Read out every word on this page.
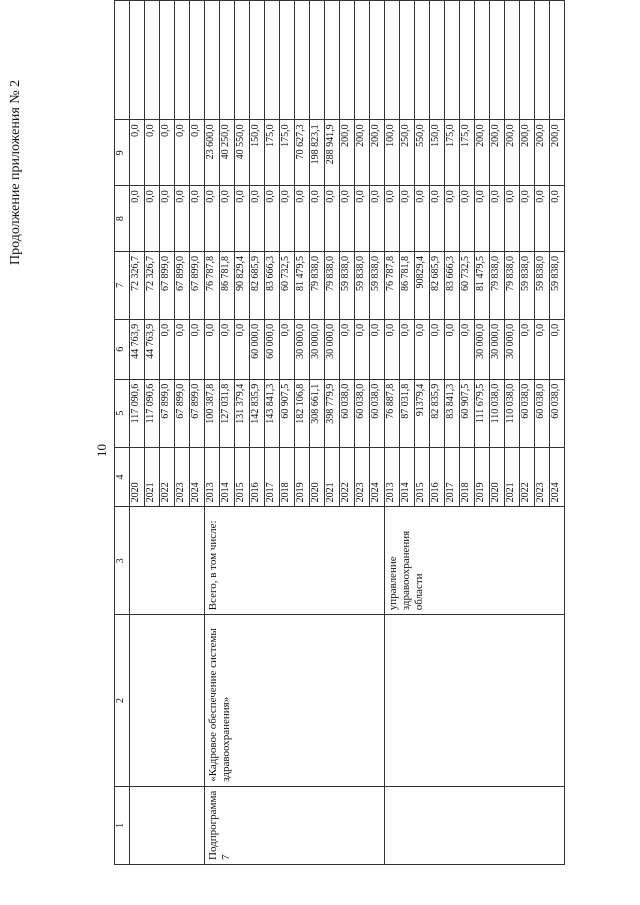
Продолжение приложения № 2
10
1	2	3	4	5	6	7	8	9	
			2020	117 090,6	44 763,9	72 326,7	0,0	0,0	
			2021	117 090,6	44 763,9	72 326,7	0,0	0,0	
			2022	67 899,0	0,0	67 899,0	0,0	0,0	
			2023	67 899,0	0,0	67 899,0	0,0	0,0	
			2024	67 899,0	0,0	67 899,0	0,0	0,0	
Подпрограмма 7	«Кадровое обеспечение системы здравоохранения»	Всего, в том числе:	2013	100 387,8	0,0	76 787,8	0,0	23 600,0	
			2014	127 031,8	0,0	86 781,8	0,0	40 250,0	
			2015	131 379,4	0,0	90 829,4	0,0	40 550,0	
			2016	142 835,9	60 000,0	82 685,9	0,0	150,0	
			2017	143 841,3	60 000,0	83 666,3	0,0	175,0	
			2018	60 907,5	0,0	60 732,5	0,0	175,0	
			2019	182 106,8	30 000,0	81 479,5	0,0	70 627,3	
			2020	308 661,1	30 000,0	79 838,0	0,0	198 823,1	
			2021	398 779,9	30 000,0	79 838,0	0,0	288 941,9	
			2022	60 038,0	0,0	59 838,0	0,0	200,0	
			2023	60 038,0	0,0	59 838,0	0,0	200,0	
			2024	60 038,0	0,0	59 838,0	0,0	200,0	
		управление здравоохранения области	2013	76 887,8	0,0	76 787,8	0,0	100,0	
			2014	87 031,8	0,0	86 781,8	0,0	250,0	
			2015	91379,4	0,0	90829,4	0,0	550,0	
			2016	82 835,9	0,0	82 685,9	0,0	150,0	
			2017	83 841,3	0,0	83 666,3	0,0	175,0	
			2018	60 907,5	0,0	60 732,5	0,0	175,0	
			2019	111 679,5	30 000,0	81 479,5	0,0	200,0	
			2020	110 038,0	30 000,0	79 838,0	0,0	200,0	
			2021	110 038,0	30 000,0	79 838,0	0,0	200,0	
			2022	60 038,0	0,0	59 838,0	0,0	200,0	
			2023	60 038,0	0,0	59 838,0	0,0	200,0	
			2024	60 038,0	0,0	59 838,0	0,0	200,0	
